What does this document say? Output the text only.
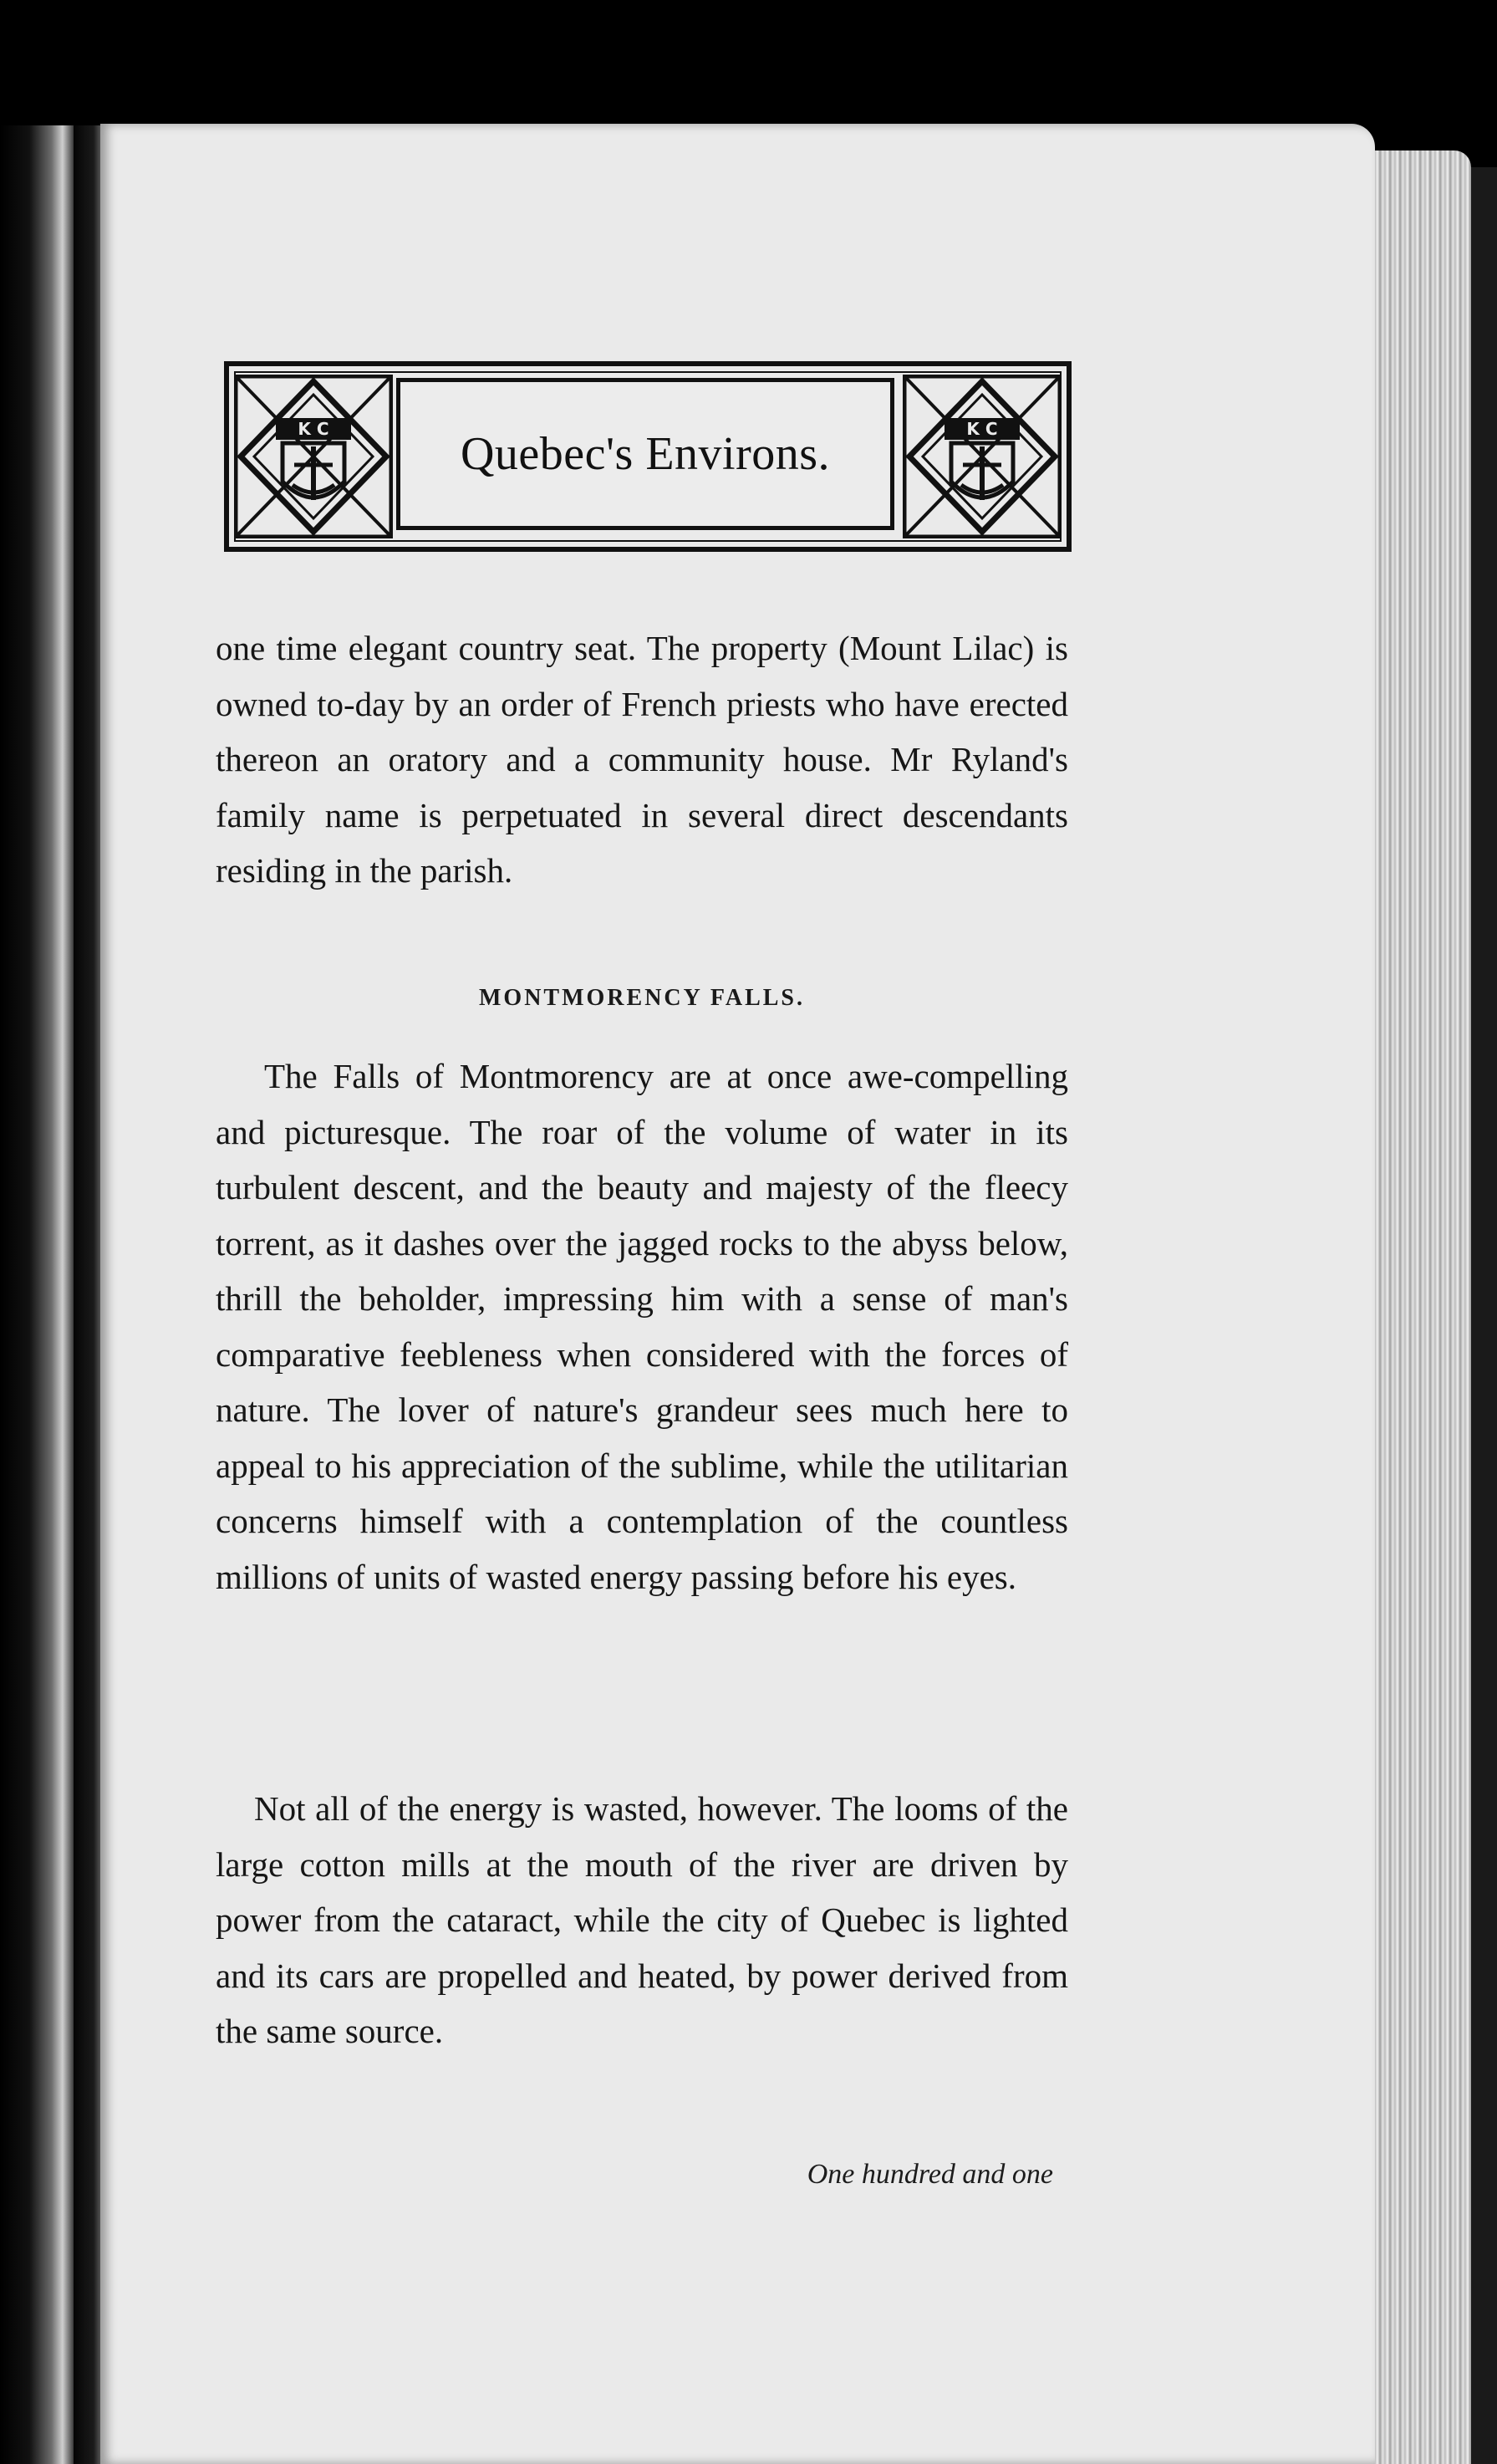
K C	Quebec's Environs.	K C

one time elegant country seat. The property (Mount Lilac) is owned to-day by an order of French priests who have erected thereon an oratory and a community house. Mr Ryland's family name is perpetuated in several direct descendants residing in the parish.

MONTMORENCY FALLS.

The Falls of Montmorency are at once awe-compelling and picturesque. The roar of the volume of water in its turbulent descent, and the beauty and majesty of the fleecy torrent, as it dashes over the jagged rocks to the abyss below, thrill the beholder, impressing him with a sense of man's comparative feebleness when considered with the forces of nature. The lover of nature's grandeur sees much here to appeal to his appreciation of the sublime, while the utilitarian concerns himself with a contemplation of the countless millions of units of wasted energy passing before his eyes.

Not all of the energy is wasted, however. The looms of the large cotton mills at the mouth of the river are driven by power from the cataract, while the city of Quebec is lighted and its cars are propelled and heated, by power derived from the same source.

One hundred and one
